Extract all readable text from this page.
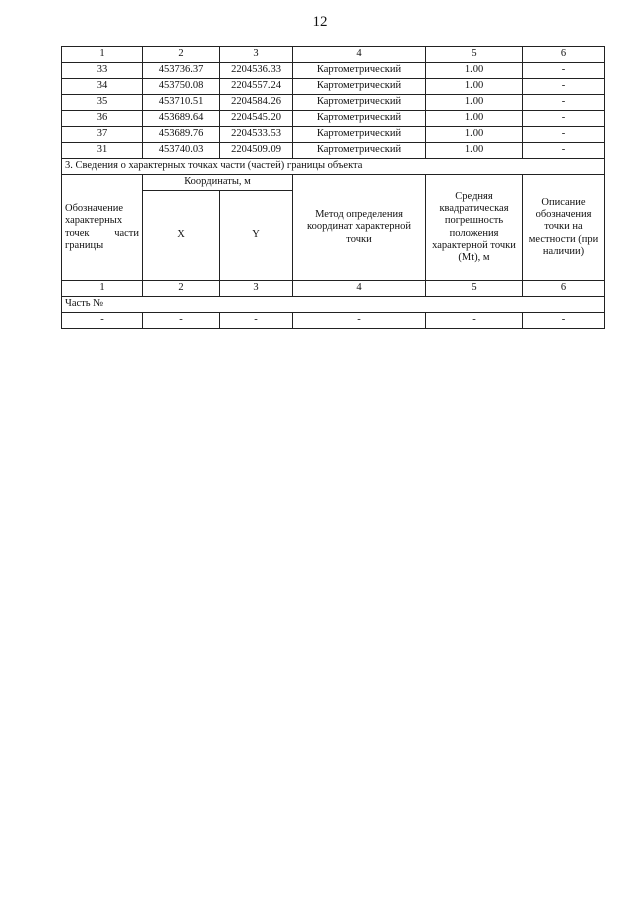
12
1	2	3	4	5	6
33	453736.37	2204536.33	Картометрический	1.00	-
34	453750.08	2204557.24	Картометрический	1.00	-
35	453710.51	2204584.26	Картометрический	1.00	-
36	453689.64	2204545.20	Картометрический	1.00	-
37	453689.76	2204533.53	Картометрический	1.00	-
31	453740.03	2204509.09	Картометрический	1.00	-
3. Сведения о характерных точках части (частей) границы объекта					
Обозначение характерных точек части границы	Координаты, м		Метод определения координат характерной точки	Средняя квадратическая погрешность положения характерной точки (Mt), м	Описание обозначения точки на местности (при наличии)
	X	Y			
1	2	3	4	5	6
Часть №					
-	-	-	-	-	-
